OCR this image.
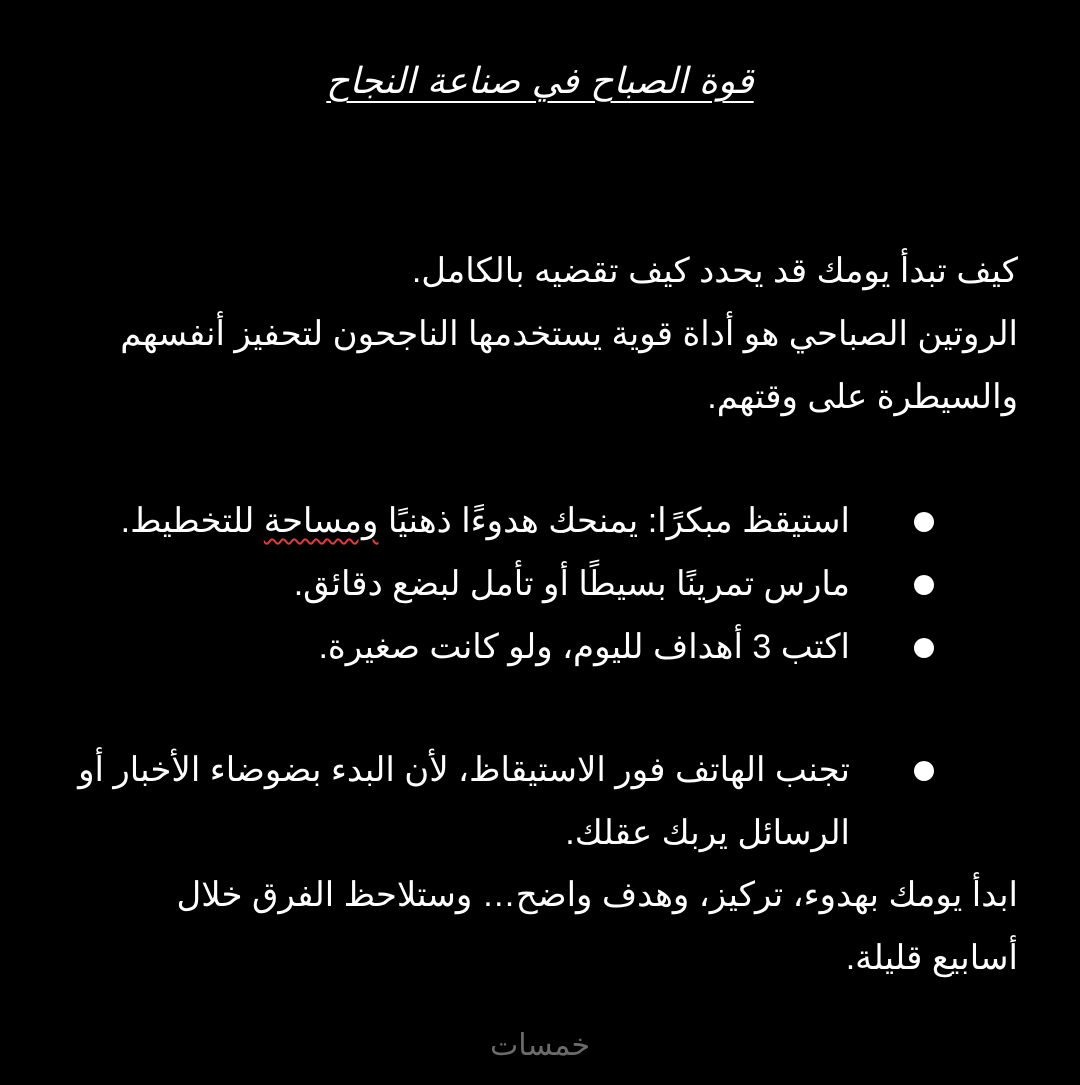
قوة الصباح في صناعة النجاح

كيف تبدأ يومك قد يحدد كيف تقضيه بالكامل.

الروتين الصباحي هو أداة قوية يستخدمها الناجحون لتحفيز أنفسهم والسيطرة على وقتهم.

استيقظ مبكرًا: يمنحك هدوءًا ذهنيًا ومساحة للتخطيط.
مارس تمرينًا بسيطًا أو تأمل لبضع دقائق.
اكتب 3 أهداف لليوم، ولو كانت صغيرة.
تجنب الهاتف فور الاستيقاظ، لأن البدء بضوضاء الأخبار أو الرسائل يربك عقلك.

ابدأ يومك بهدوء، تركيز، وهدف واضح… وستلاحظ الفرق خلال أسابيع قليلة.

خمسات
